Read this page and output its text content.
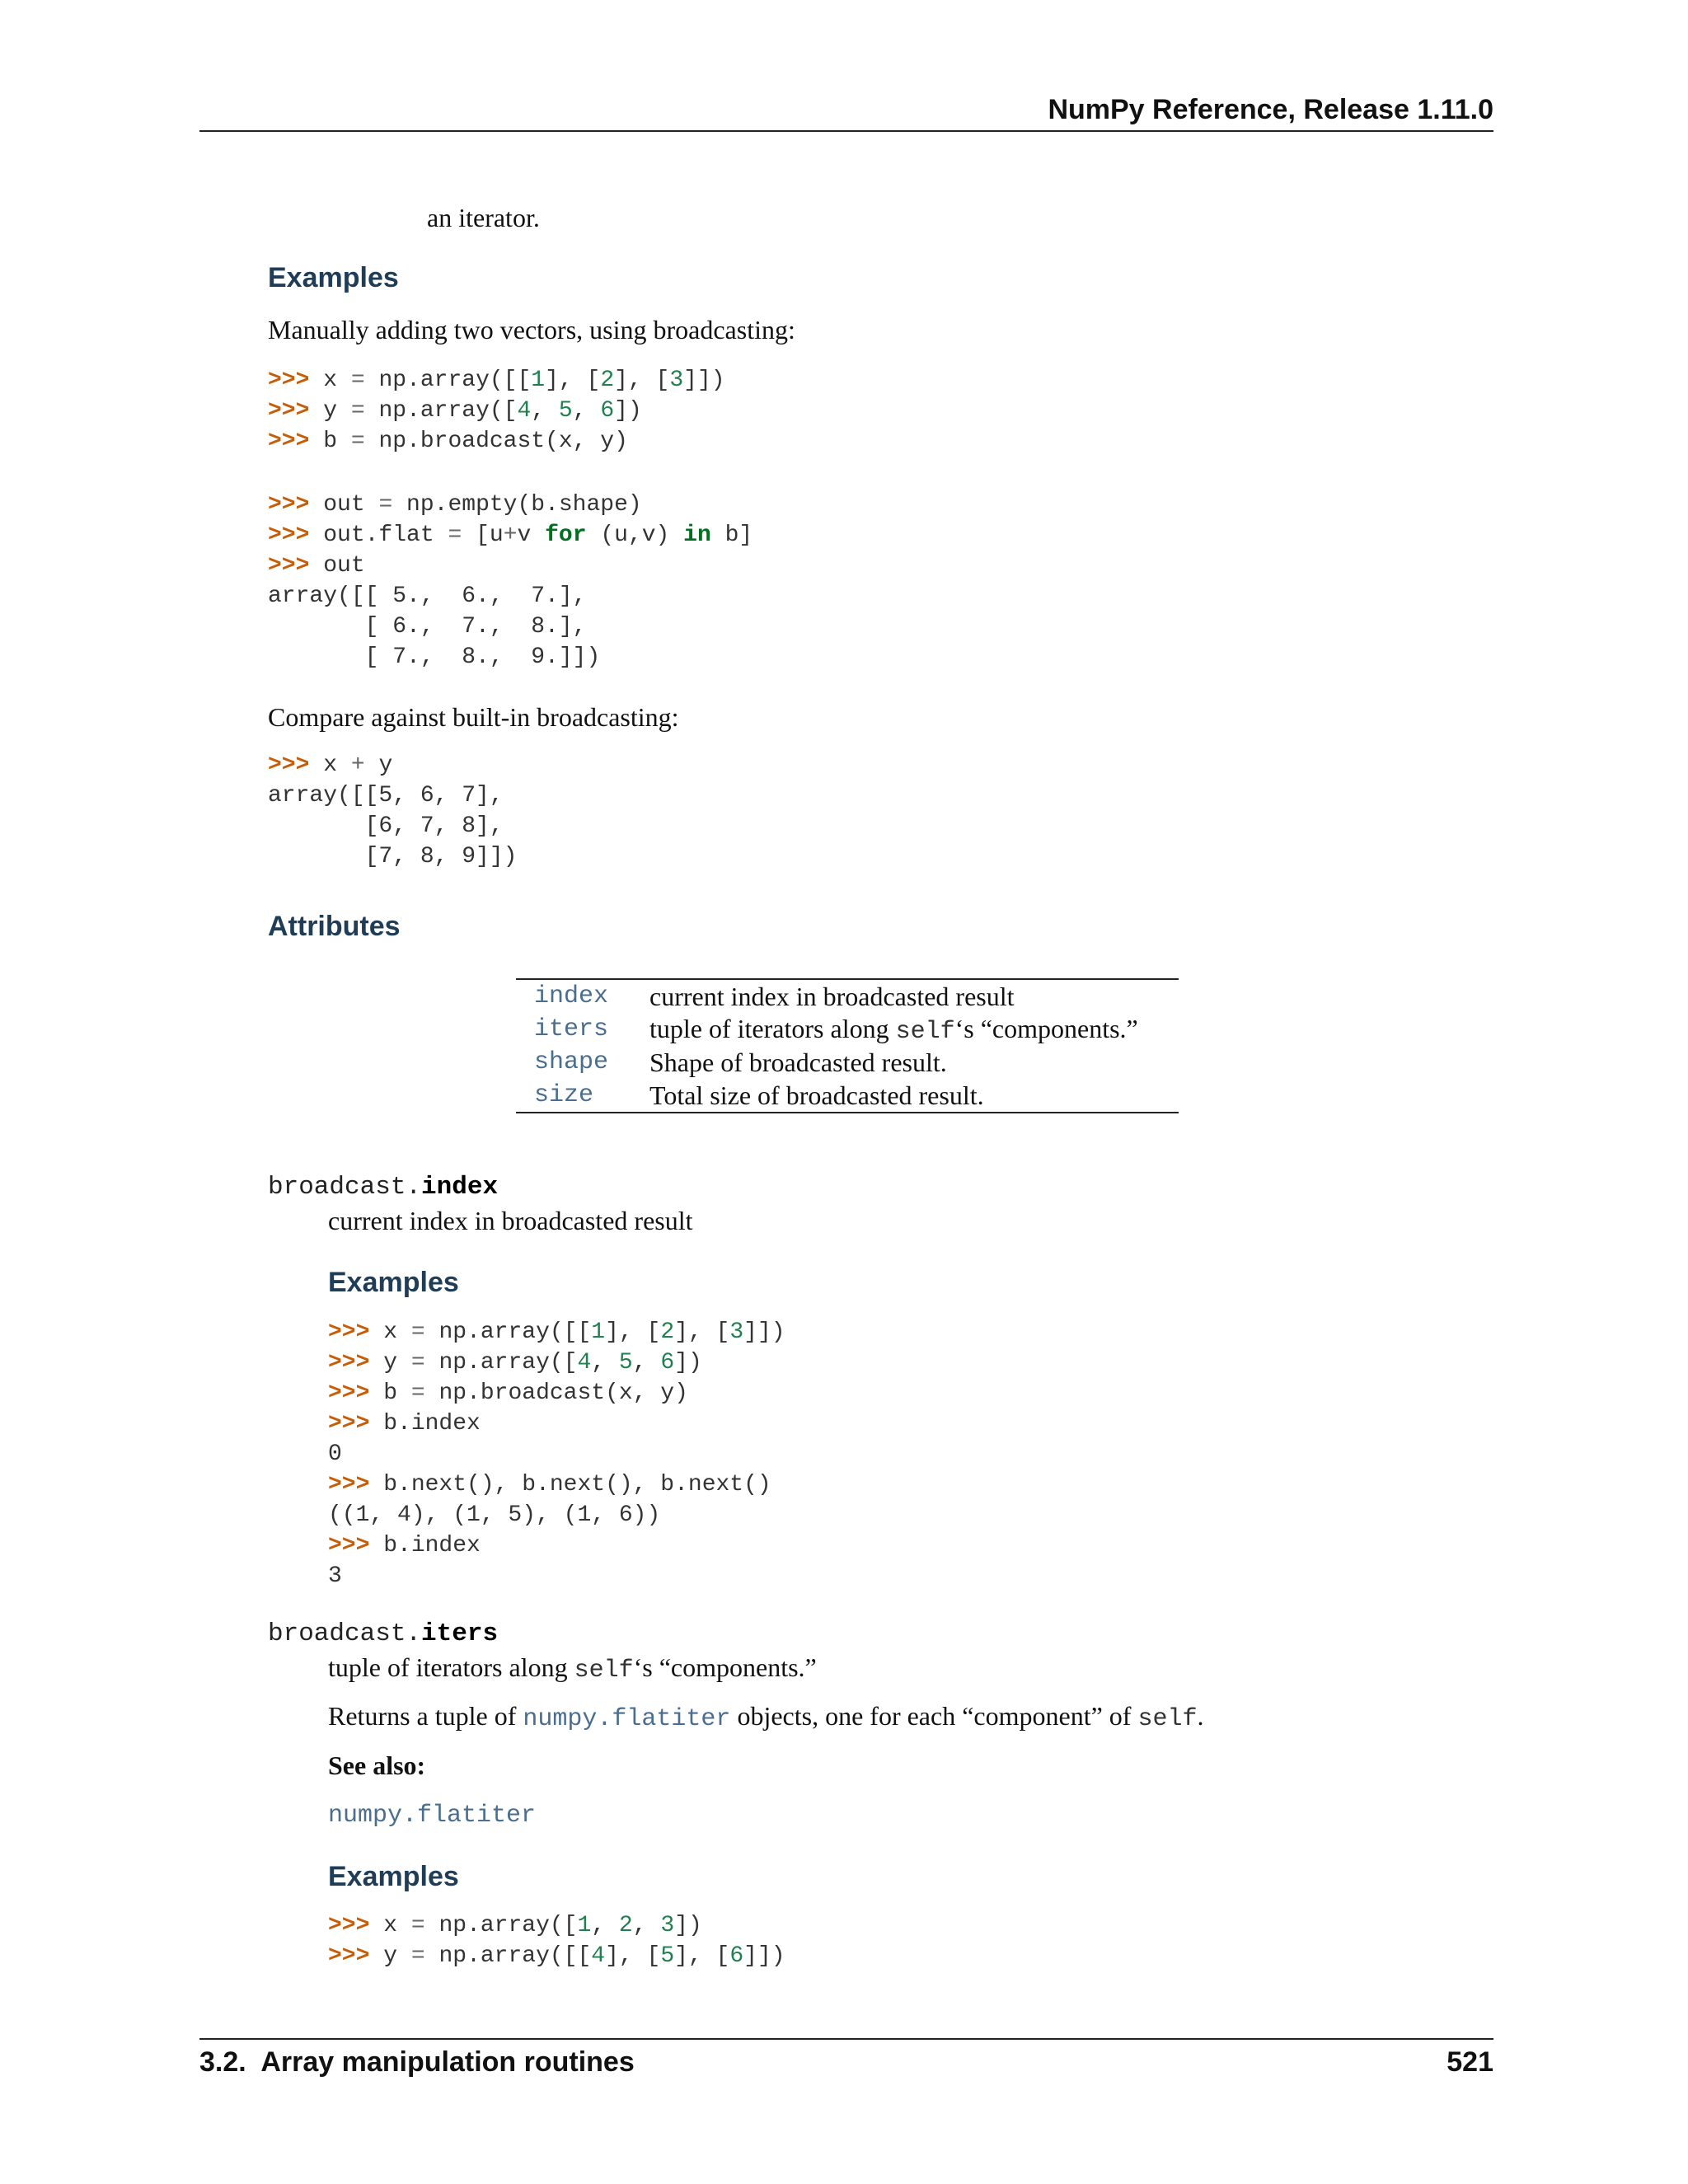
NumPy Reference, Release 1.11.0
an iterator.
Examples
Manually adding two vectors, using broadcasting:
>>> x = np.array([[1], [2], [3]])
>>> y = np.array([4, 5, 6])
>>> b = np.broadcast(x, y)
>>> out = np.empty(b.shape)
>>> out.flat = [u+v for (u,v) in b]
>>> out
array([[ 5.,  6.,  7.],
[ 6.,  7.,  8.],
[ 7.,  8.,  9.]])
Compare against built-in broadcasting:
>>> x + y
array([[5, 6, 7],
[6, 7, 8],
[7, 8, 9]])
Attributes
index	current index in broadcasted result
iters	tuple of iterators along self‘s “components.”
shape	Shape of broadcasted result.
size	Total size of broadcasted result.
broadcast.index
current index in broadcasted result
Examples
>>> x = np.array([[1], [2], [3]])
>>> y = np.array([4, 5, 6])
>>> b = np.broadcast(x, y)
>>> b.index
0
>>> b.next(), b.next(), b.next()
((1, 4), (1, 5), (1, 6))
>>> b.index
3
broadcast.iters
tuple of iterators along self‘s “components.”
Returns a tuple of numpy.flatiter objects, one for each “component” of self.
See also:
numpy.flatiter
Examples
>>> x = np.array([1, 2, 3])
>>> y = np.array([[4], [5], [6]])
3.2.  Array manipulation routines	521
